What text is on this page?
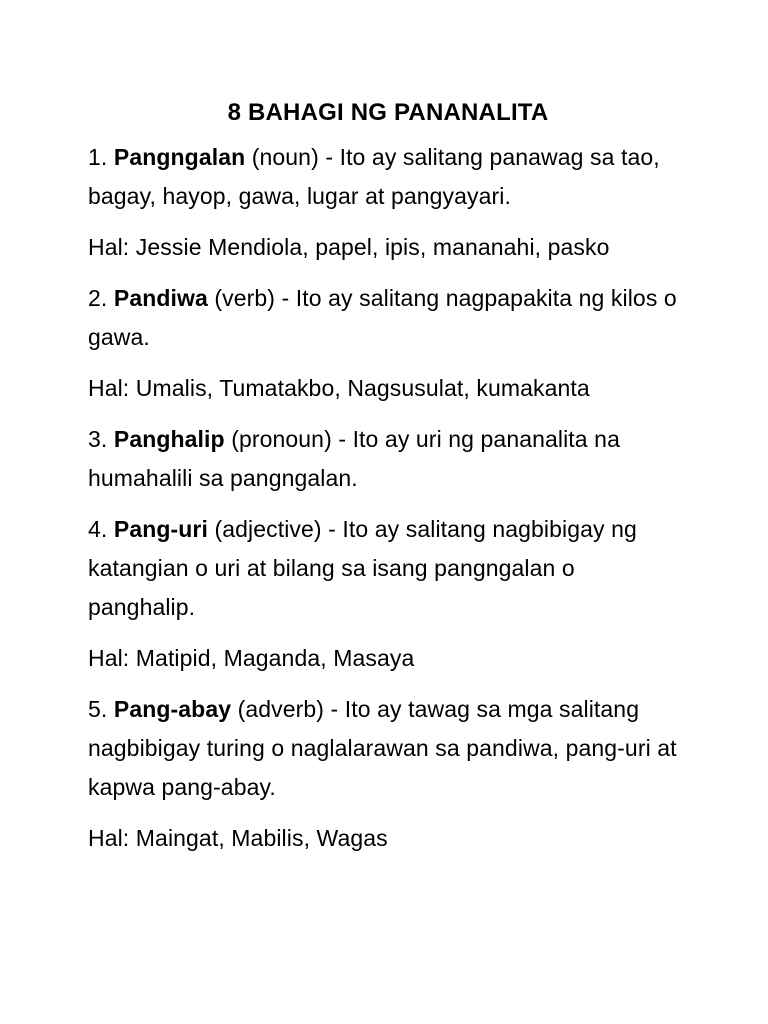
8 BAHAGI NG PANANALITA

1. Pangngalan (noun) - Ito ay salitang panawag sa tao, bagay, hayop, gawa, lugar at pangyayari.

Hal: Jessie Mendiola, papel, ipis, mananahi, pasko

2. Pandiwa (verb) - Ito ay salitang nagpapakita ng kilos o gawa.

Hal: Umalis, Tumatakbo, Nagsusulat, kumakanta

3. Panghalip (pronoun) - Ito ay uri ng pananalita na humahalili sa pangngalan.

4. Pang-uri (adjective) - Ito ay salitang nagbibigay ng katangian o uri at bilang sa isang pangngalan o panghalip.

Hal: Matipid, Maganda, Masaya

5. Pang-abay (adverb) - Ito ay tawag sa mga salitang nagbibigay turing o naglalarawan sa pandiwa, pang-uri at kapwa pang-abay.

Hal: Maingat, Mabilis, Wagas
